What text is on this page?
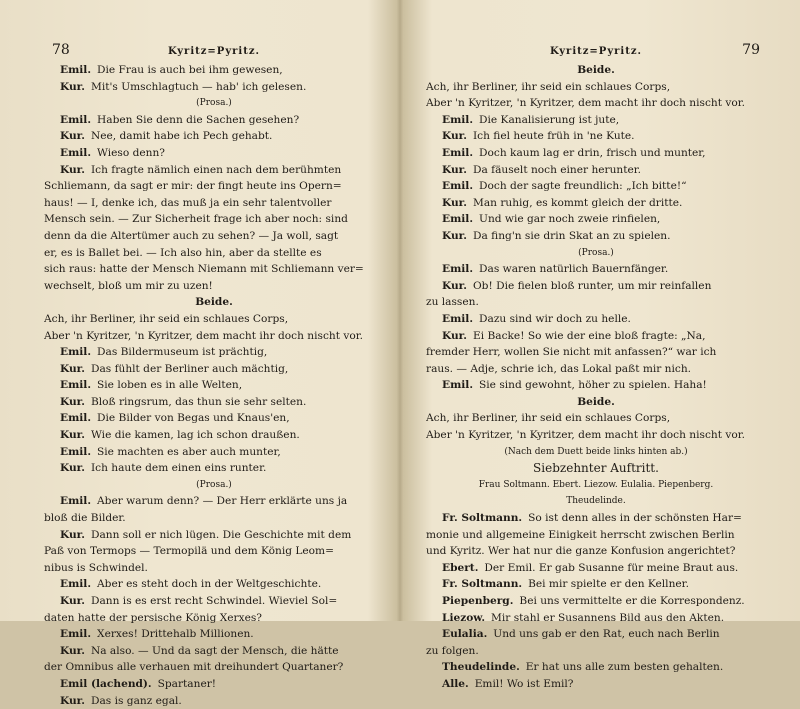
78	Kyritz=Pyritz.
Emil. Die Frau is auch bei ihm gewesen,
Kur. Mit's Umschlagtuch — hab' ich gelesen.
(Prosa.)
Emil. Haben Sie denn die Sachen gesehen?
Kur. Nee, damit habe ich Pech gehabt.
Emil. Wieso denn?
Kur. Ich fragte nämlich einen nach dem berühmten
Schliemann, da sagt er mir: der fingt heute ins Opern=
haus! — I, denke ich, das muß ja ein sehr talentvoller
Mensch sein. — Zur Sicherheit frage ich aber noch: sind
denn da die Altertümer auch zu sehen? — Ja woll, sagt
er, es is Ballet bei. — Ich also hin, aber da stellte es
sich raus: hatte der Mensch Niemann mit Schliemann ver=
wechselt, bloß um mir zu uzen!
Beide.
Ach, ihr Berliner, ihr seid ein schlaues Corps,
Aber 'n Kyritzer, 'n Kyritzer, dem macht ihr doch nischt vor.
Emil. Das Bildermuseum ist prächtig,
Kur. Das fühlt der Berliner auch mächtig,
Emil. Sie loben es in alle Welten,
Kur. Bloß ringsrum, das thun sie sehr selten.
Emil. Die Bilder von Begas und Knaus'en,
Kur. Wie die kamen, lag ich schon draußen.
Emil. Sie machten es aber auch munter,
Kur. Ich haute dem einen eins runter.
(Prosa.)
Emil. Aber warum denn? — Der Herr erklärte uns ja
bloß die Bilder.
Kur. Dann soll er nich lügen. Die Geschichte mit dem
Paß von Termops — Termopilä und dem König Leom=
nibus is Schwindel.
Emil. Aber es steht doch in der Weltgeschichte.
Kur. Dann is es erst recht Schwindel. Wieviel Sol=
daten hatte der persische König Xerxes?
Emil. Xerxes! Drittehalb Millionen.
Kur. Na also. — Und da sagt der Mensch, die hätte
der Omnibus alle verhauen mit dreihundert Quartaner?
Emil (lachend). Spartaner!
Kur. Das is ganz egal.
79
Kyritz=Pyritz.
Beide.
Ach, ihr Berliner, ihr seid ein schlaues Corps,
Aber 'n Kyritzer, 'n Kyritzer, dem macht ihr doch nischt vor.
Emil. Die Kanalisierung ist jute,
Kur. Ich fiel heute früh in 'ne Kute.
Emil. Doch kaum lag er drin, frisch und munter,
Kur. Da fäuselt noch einer herunter.
Emil. Doch der sagte freundlich: „Ich bitte!“
Kur. Man ruhig, es kommt gleich der dritte.
Emil. Und wie gar noch zweie rinfielen,
Kur. Da fing'n sie drin Skat an zu spielen.
(Prosa.)
Emil. Das waren natürlich Bauernfänger.
Kur. Ob! Die fielen bloß runter, um mir reinfallen
zu lassen.
Emil. Dazu sind wir doch zu helle.
Kur. Ei Backe! So wie der eine bloß fragte: „Na,
fremder Herr, wollen Sie nicht mit anfassen?“ war ich
raus. — Adje, schrie ich, das Lokal paßt mir nich.
Emil. Sie sind gewohnt, höher zu spielen. Haha!
Beide.
Ach, ihr Berliner, ihr seid ein schlaues Corps,
Aber 'n Kyritzer, 'n Kyritzer, dem macht ihr doch nischt vor.
(Nach dem Duett beide links hinten ab.)
Siebzehnter Auftritt.
Frau Soltmann. Ebert. Liezow. Eulalia. Piepenberg.
Theudelinde.
Fr. Soltmann. So ist denn alles in der schönsten Har=
monie und allgemeine Einigkeit herrscht zwischen Berlin
und Kyritz. Wer hat nur die ganze Konfusion angerichtet?
Ebert. Der Emil. Er gab Susanne für meine Braut aus.
Fr. Soltmann. Bei mir spielte er den Kellner.
Piepenberg. Bei uns vermittelte er die Korrespondenz.
Liezow. Mir stahl er Susannens Bild aus den Akten.
Eulalia. Und uns gab er den Rat, euch nach Berlin
zu folgen.
Theudelinde. Er hat uns alle zum besten gehalten.
Alle. Emil! Wo ist Emil?
